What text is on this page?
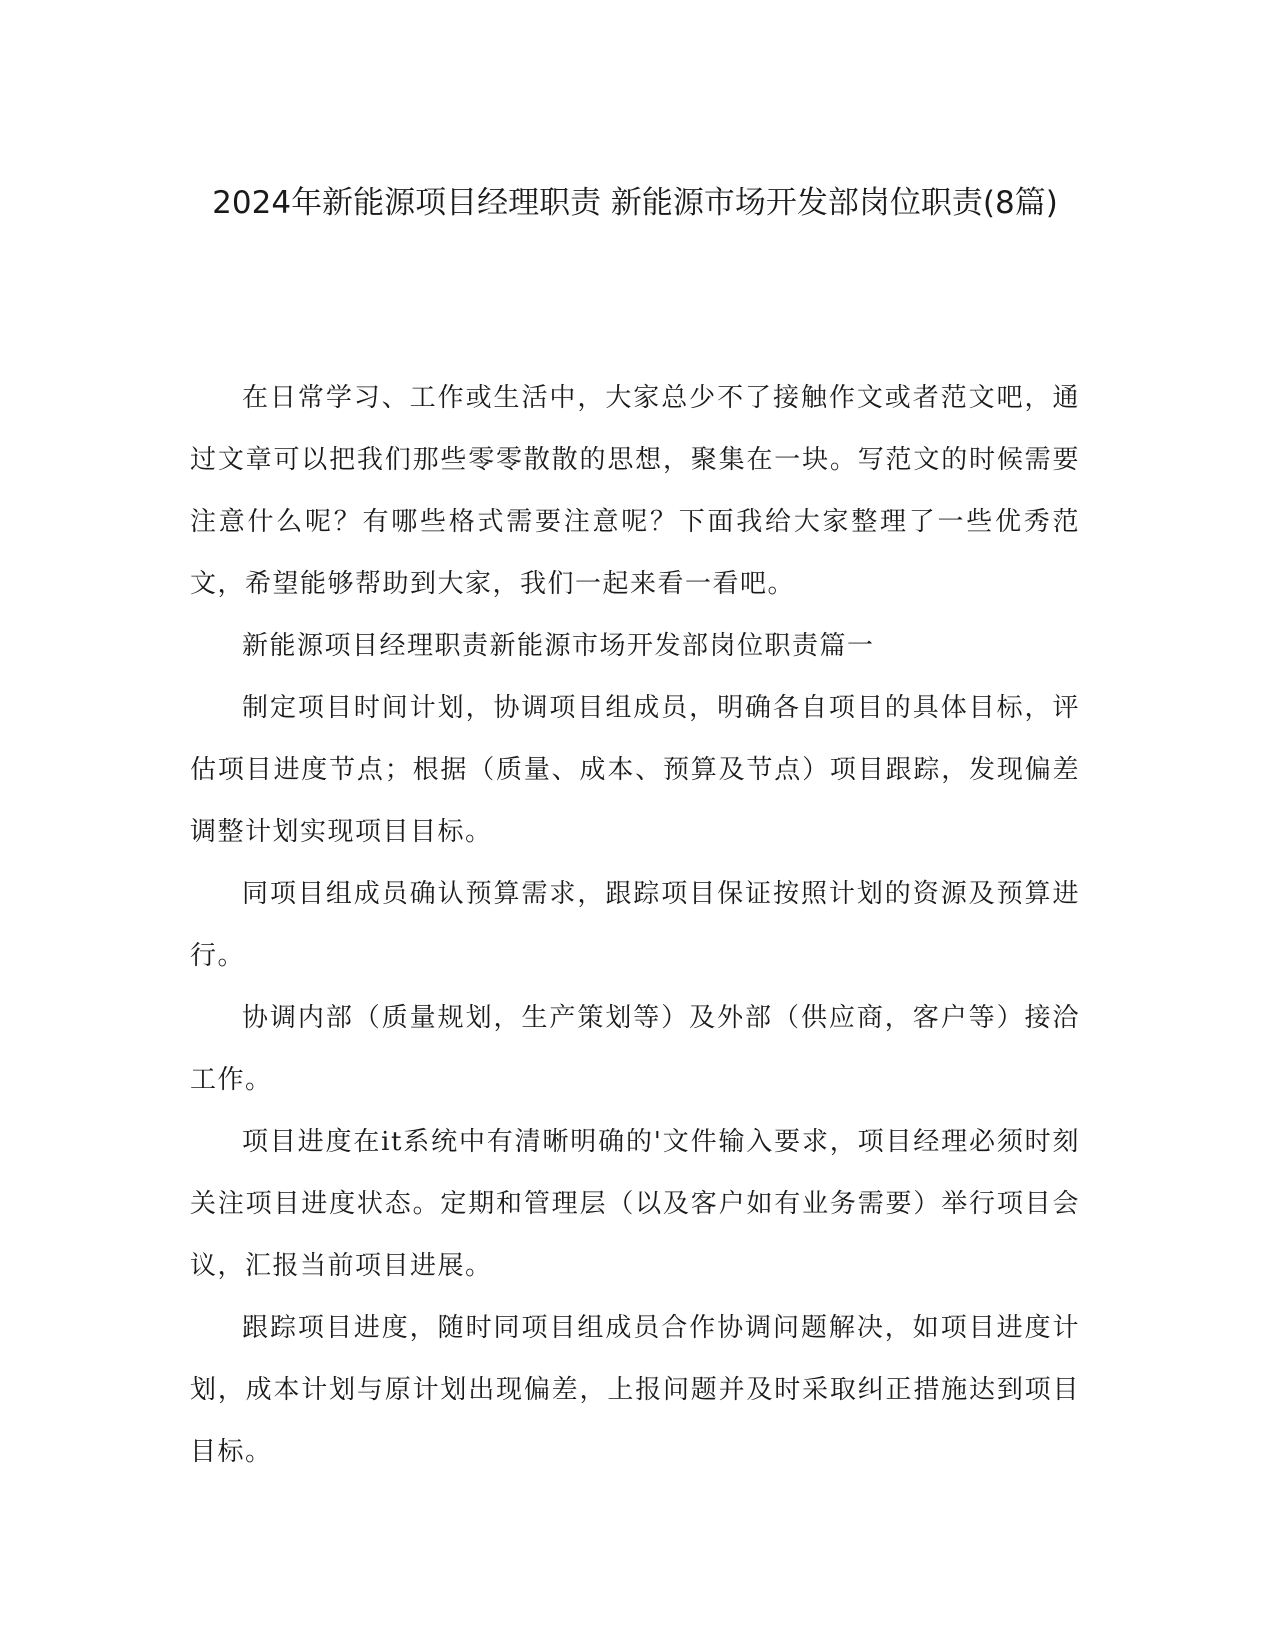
2024年新能源项目经理职责 新能源市场开发部岗位职责(8篇)

在日常学习、工作或生活中，大家总少不了接触作文或者范文吧，通过文章可以把我们那些零零散散的思想，聚集在一块。写范文的时候需要注意什么呢？有哪些格式需要注意呢？下面我给大家整理了一些优秀范文，希望能够帮助到大家，我们一起来看一看吧。

新能源项目经理职责新能源市场开发部岗位职责篇一

制定项目时间计划，协调项目组成员，明确各自项目的具体目标，评估项目进度节点；根据（质量、成本、预算及节点）项目跟踪，发现偏差调整计划实现项目目标。

同项目组成员确认预算需求，跟踪项目保证按照计划的资源及预算进行。

协调内部（质量规划，生产策划等）及外部（供应商，客户等）接洽工作。

项目进度在it系统中有清晰明确的'文件输入要求，项目经理必须时刻关注项目进度状态。定期和管理层（以及客户如有业务需要）举行项目会议，汇报当前项目进展。

跟踪项目进度，随时同项目组成员合作协调问题解决，如项目进度计划，成本计划与原计划出现偏差，上报问题并及时采取纠正措施达到项目目标。
